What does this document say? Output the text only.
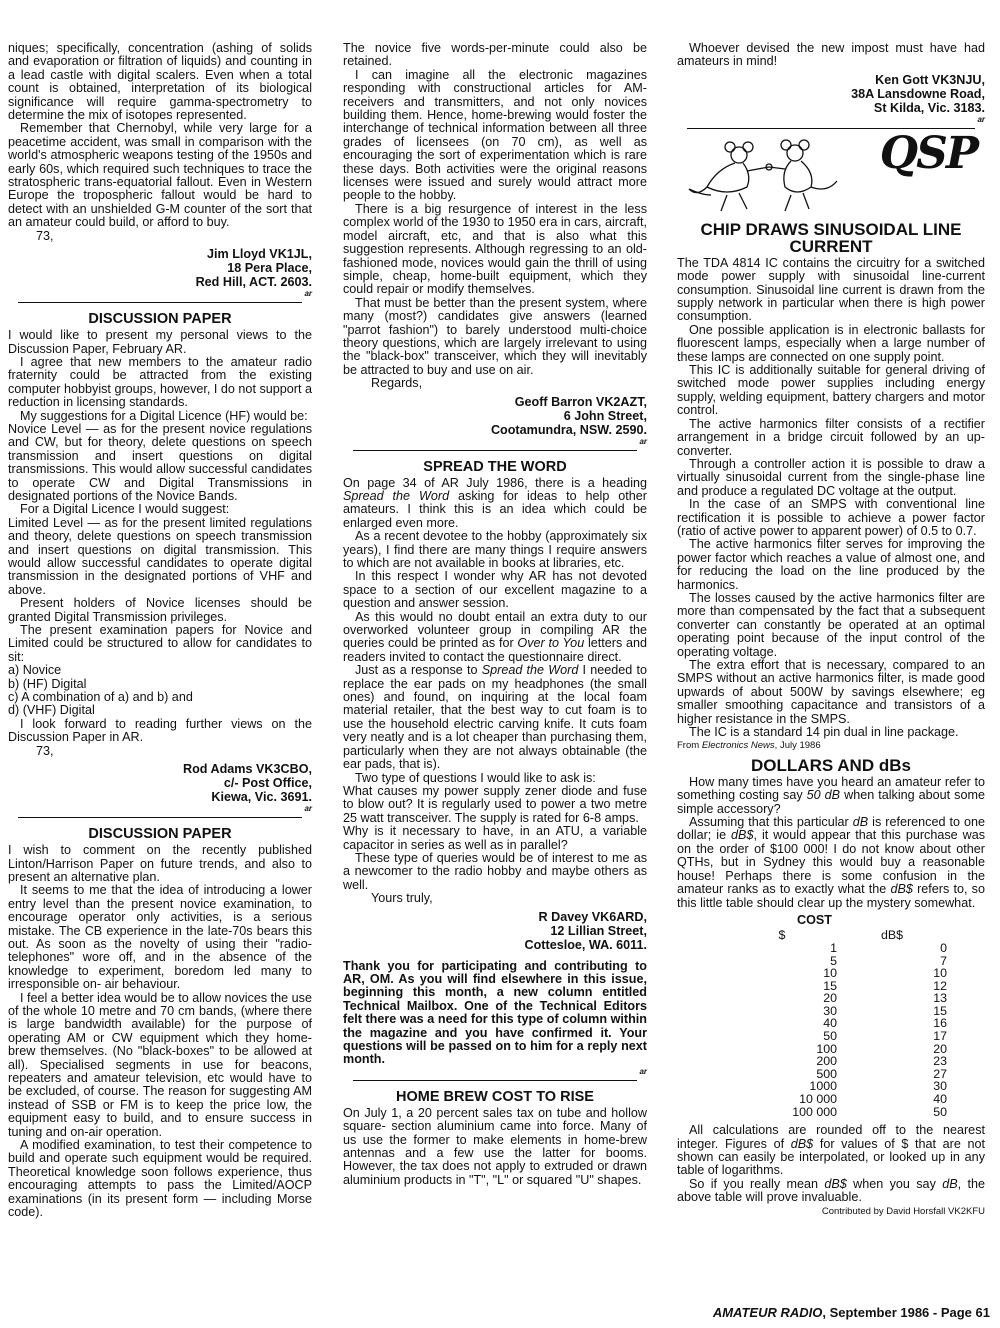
niques; specifically, concentration (ashing of solids and evaporation or filtration of liquids) and counting in a lead castle with digital scalers. Even when a total count is obtained, interpretation of its biological significance will require gamma-spectrometry to determine the mix of isotopes represented.

Remember that Chernobyl, while very large for a peacetime accident, was small in comparison with the world's atmospheric weapons testing of the 1950s and early 60s, which required such techniques to trace the stratospheric trans-equatorial fallout. Even in Western Europe the tropospheric fallout would be hard to detect with an unshielded G-M counter of the sort that an amateur could build, or afford to buy.

73,

Jim Lloyd VK1JL,
18 Pera Place,
Red Hill, ACT. 2603.

ar

DISCUSSION PAPER

I would like to present my personal views to the Discussion Paper, February AR.

I agree that new members to the amateur radio fraternity could be attracted from the existing computer hobbyist groups, however, I do not support a reduction in licensing standards.

My suggestions for a Digital Licence (HF) would be:

Novice Level — as for the present novice regulations and CW, but for theory, delete questions on speech transmission and insert questions on digital transmissions. This would allow successful candidates to operate CW and Digital Transmissions in designated portions of the Novice Bands.

For a Digital Licence I would suggest:

Limited Level — as for the present limited regulations and theory, delete questions on speech transmission and insert questions on digital transmission. This would allow successful candidates to operate digital transmission in the designated portions of VHF and above.

Present holders of Novice licenses should be granted Digital Transmission privileges.

The present examination papers for Novice and Limited could be structured to allow for candidates to sit:

a) Novice

b) (HF) Digital

c) A combination of a) and b) and

d) (VHF) Digital

I look forward to reading further views on the Discussion Paper in AR.

73,

Rod Adams VK3CBO,
c/- Post Office,
Kiewa, Vic. 3691.

ar

DISCUSSION PAPER

I wish to comment on the recently published Linton/Harrison Paper on future trends, and also to present an alternative plan.

It seems to me that the idea of introducing a lower entry level than the present novice examination, to encourage operator only activities, is a serious mistake. The CB experience in the late-70s bears this out. As soon as the novelty of using their "radio-telephones" wore off, and in the absence of the knowledge to experiment, boredom led many to irresponsible on- air behaviour.

I feel a better idea would be to allow novices the use of the whole 10 metre and 70 cm bands, (where there is large bandwidth available) for the purpose of operating AM or CW equipment which they home-brew themselves. (No "black-boxes" to be allowed at all). Specialised segments in use for beacons, repeaters and amateur television, etc would have to be excluded, of course. The reason for suggesting AM instead of SSB or FM is to keep the price low, the equipment easy to build, and to ensure success in tuning and on-air operation.

A modified examination, to test their competence to build and operate such equipment would be required. Theoretical knowledge soon follows experience, thus encouraging attempts to pass the Limited/AOCP examinations (in its present form — including Morse code).

The novice five words-per-minute could also be retained.

I can imagine all the electronic magazines responding with constructional articles for AM-receivers and transmitters, and not only novices building them. Hence, home-brewing would foster the interchange of technical information between all three grades of licensees (on 70 cm), as well as encouraging the sort of experimentation which is rare these days. Both activities were the original reasons licenses were issued and surely would attract more people to the hobby.

There is a big resurgence of interest in the less complex world of the 1930 to 1950 era in cars, aircraft, model aircraft, etc, and that is also what this suggestion represents. Although regressing to an old-fashioned mode, novices would gain the thrill of using simple, cheap, home-built equipment, which they could repair or modify themselves.

That must be better than the present system, where many (most?) candidates give answers (learned "parrot fashion") to barely understood multi-choice theory questions, which are largely irrelevant to using the "black-box" transceiver, which they will inevitably be attracted to buy and use on air.

Regards,

Geoff Barron VK2AZT,
6 John Street,
Cootamundra, NSW. 2590.

ar

SPREAD THE WORD

On page 34 of AR July 1986, there is a heading Spread the Word asking for ideas to help other amateurs. I think this is an idea which could be enlarged even more.

As a recent devotee to the hobby (approximately six years), I find there are many things I require answers to which are not available in books at libraries, etc.

In this respect I wonder why AR has not devoted space to a section of our excellent magazine to a question and answer session.

As this would no doubt entail an extra duty to our overworked volunteer group in compiling AR the queries could be printed as for Over to You letters and readers invited to contact the questionnaire direct.

Just as a response to Spread the Word I needed to replace the ear pads on my headphones (the small ones) and found, on inquiring at the local foam material retailer, that the best way to cut foam is to use the household electric carving knife. It cuts foam very neatly and is a lot cheaper than purchasing them, particularly when they are not always obtainable (the ear pads, that is).

Two type of questions I would like to ask is:

What causes my power supply zener diode and fuse to blow out? It is regularly used to power a two metre 25 watt transceiver. The supply is rated for 6-8 amps.

Why is it necessary to have, in an ATU, a variable capacitor in series as well as in parallel?

These type of queries would be of interest to me as a newcomer to the radio hobby and maybe others as well.

Yours truly,

R Davey VK6ARD,
12 Lillian Street,
Cottesloe, WA. 6011.

Thank you for participating and contributing to AR, OM. As you will find elsewhere in this issue, beginning this month, a new column entitled Technical Mailbox. One of the Technical Editors felt there was a need for this type of column within the magazine and you have confirmed it. Your questions will be passed on to him for a reply next month.

ar

HOME BREW COST TO RISE

On July 1, a 20 percent sales tax on tube and hollow square- section aluminium came into force. Many of us use the former to make elements in home-brew antennas and a few use the latter for booms. However, the tax does not apply to extruded or drawn aluminium products in "T", "L" or squared "U" shapes.

Whoever devised the new impost must have had amateurs in mind!

Ken Gott VK3NJU,
38A Lansdowne Road,
St Kilda, Vic. 3183.

ar

QSP
CHIP DRAWS SINUSOIDAL LINE CURRENT

The TDA 4814 IC contains the circuitry for a switched mode power supply with sinusoidal line-current consumption. Sinusoidal line current is drawn from the supply network in particular when there is high power consumption.

One possible application is in electronic ballasts for fluorescent lamps, especially when a large number of these lamps are connected on one supply point.

This IC is additionally suitable for general driving of switched mode power supplies including energy supply, welding equipment, battery chargers and motor control.

The active harmonics filter consists of a rectifier arrangement in a bridge circuit followed by an up-converter.

Through a controller action it is possible to draw a virtually sinusoidal current from the single-phase line and produce a regulated DC voltage at the output.

In the case of an SMPS with conventional line rectification it is possible to achieve a power factor (ratio of active power to apparent power) of 0.5 to 0.7.

The active harmonics filter serves for improving the power factor which reaches a value of almost one, and for reducing the load on the line produced by the harmonics.

The losses caused by the active harmonics filter are more than compensated by the fact that a subsequent converter can constantly be operated at an optimal operating point because of the input control of the operating voltage.

The extra effort that is necessary, compared to an SMPS without an active harmonics filter, is made good upwards of about 500W by savings elsewhere; eg smaller smoothing capacitance and transistors of a higher resistance in the SMPS.

The IC is a standard 14 pin dual in line package.

From Electronics News, July 1986

DOLLARS AND dBs

How many times have you heard an amateur refer to something costing say 50 dB when talking about some simple accessory?

Assuming that this particular dB is referenced to one dollar; ie dB$, it would appear that this purchase was on the order of $100 000! I do not know about other QTHs, but in Sydney this would buy a reasonable house! Perhaps there is some confusion in the amateur ranks as to exactly what the dB$ refers to, so this little table should clear up the mystery somewhat.

COST

$	dB$
1	0
5	7
10	10
15	12
20	13
30	15
40	16
50	17
100	20
200	23
500	27
1000	30
10 000	40
100 000	50

All calculations are rounded off to the nearest integer. Figures of dB$ for values of $ that are not shown can easily be interpolated, or looked up in any table of logarithms.

So if you really mean dB$ when you say dB, the above table will prove invaluable.

Contributed by David Horsfall VK2KFU

AMATEUR RADIO, September 1986 - Page 61
